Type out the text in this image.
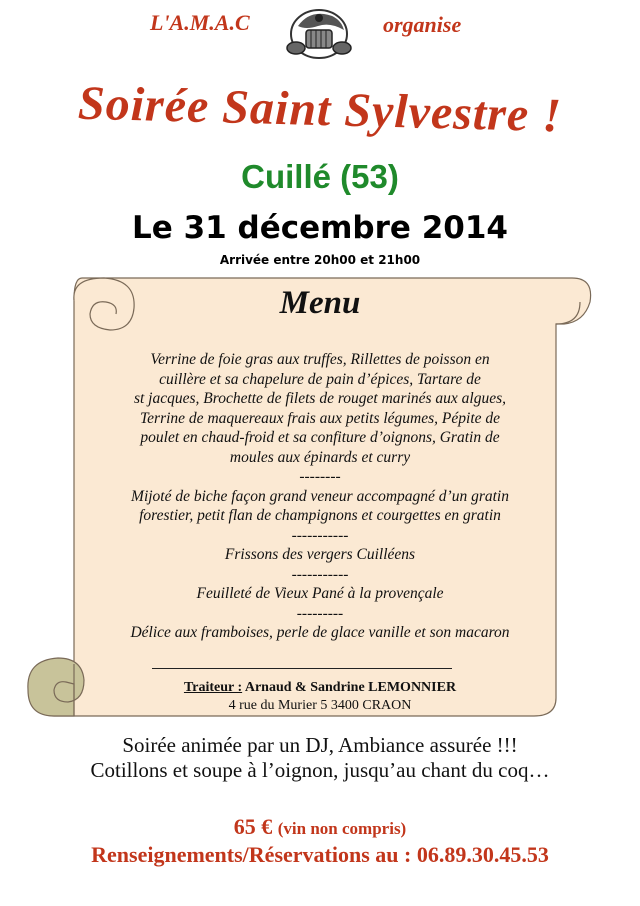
L'A.M.A.C	organise
Soirée Saint Sylvestre !
Cuillé (53)
Le 31 décembre 2014
Arrivée entre 20h00 et 21h00
Menu
Verrine de foie gras aux truffes, Rillettes de poisson en
cuillère et sa chapelure de pain d’épices, Tartare de
st jacques, Brochette de filets de rouget marinés aux algues,
Terrine de maquereaux frais aux petits légumes, Pépite de
poulet en chaud-froid et sa confiture d’oignons, Gratin de
moules aux épinards et curry
--------
Mijoté de biche façon grand veneur accompagné d’un gratin
forestier, petit flan de champignons et courgettes en gratin
-----------
Frissons des vergers Cuilléens
-----------
Feuilleté de Vieux Pané à la provençale
---------
Délice aux framboises, perle de glace vanille et son macaron
Traiteur : Arnaud & Sandrine LEMONNIER
4 rue du Murier 5 3400 CRAON
Soirée animée par un DJ, Ambiance assurée !!!
Cotillons et soupe à l’oignon, jusqu’au chant du coq…
65 € (vin non compris)
Renseignements/Réservations au : 06.89.30.45.53
